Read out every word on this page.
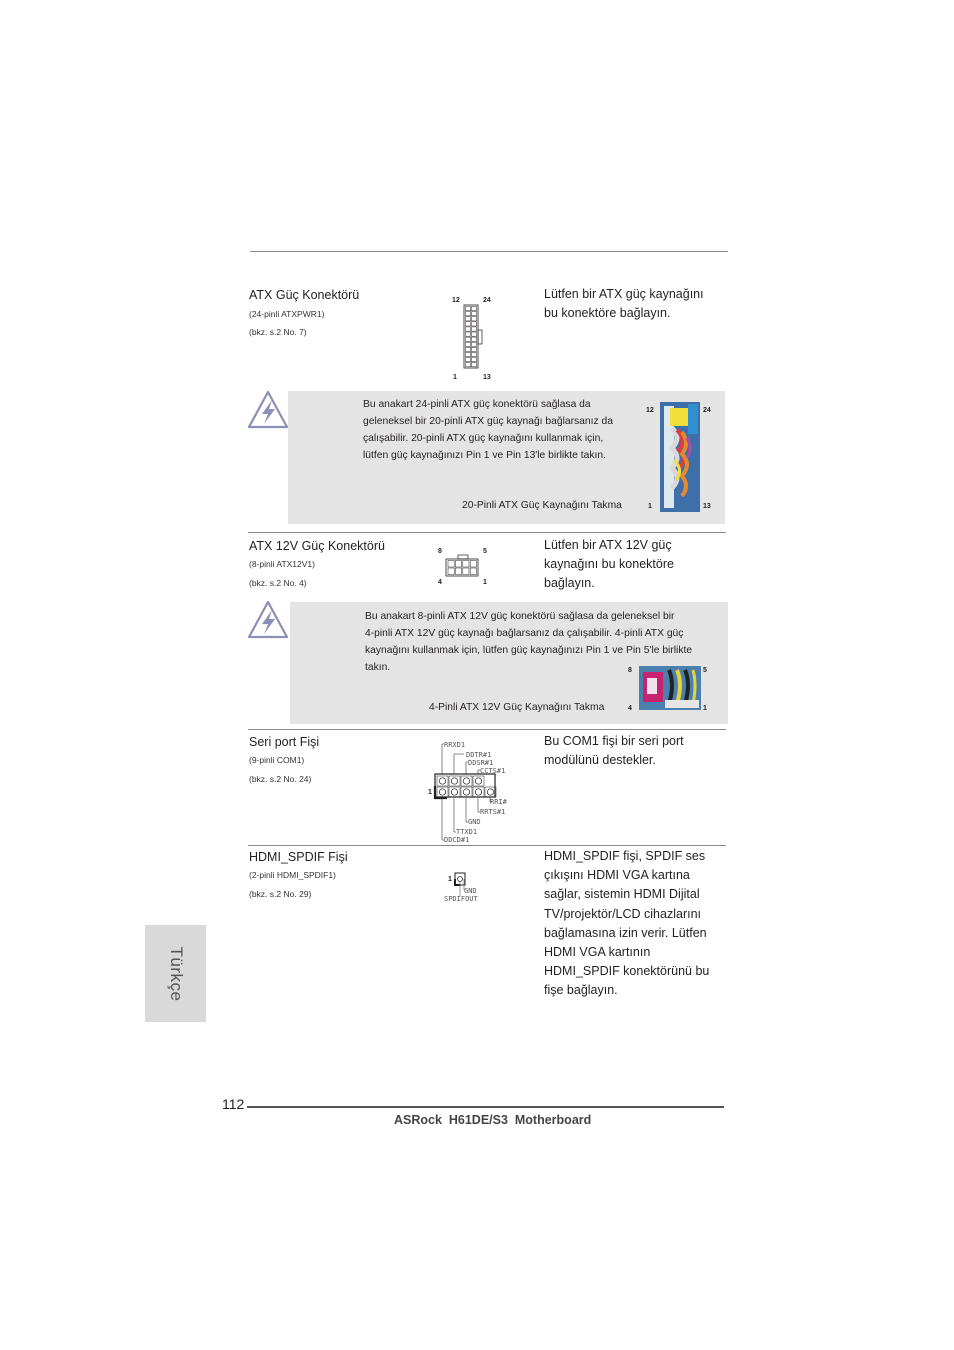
ATX Güç Konektörü
(24-pinli ATXPWR1)
(bkz. s.2 No. 7)
12	24
1	13
Lütfen bir ATX güç kaynağını
bu konektöre bağlayın.
Bu anakart 24-pinli ATX güç konektörü sağlasa da
geleneksel bir 20-pinli ATX güç kaynağı bağlarsanız da
çalışabilir. 20-pinli ATX güç kaynağını kullanmak için,
lütfen güç kaynağınızı Pin 1 ve Pin 13'le birlikte takın.
20-Pinli ATX Güç Kaynağını Takma
12	24
1	13
ATX 12V Güç Konektörü
(8-pinli ATX12V1)
(bkz. s.2 No. 4)
8	5
4	1
Lütfen bir ATX 12V güç
kaynağını bu konektöre
bağlayın.
Bu anakart 8-pinli ATX 12V güç konektörü sağlasa da geleneksel bir
4-pinli ATX 12V güç kaynağı bağlarsanız da çalışabilir. 4-pinli ATX güç
kaynağını kullanmak için, lütfen güç kaynağınızı Pin 1 ve Pin 5'le birlikte
takın.
4-Pinli ATX 12V Güç Kaynağını Takma
8	5
4	1
Seri port Fişi
(9-pinli COM1)
(bkz. s.2 No. 24)
RRXD1
DDTR#1
DDSR#1
CCTS#1
1
RRI#
RRTS#1
GND
TTXD1
DDCD#1
Bu COM1 fişi bir seri port
modülünü destekler.
HDMI_SPDIF Fişi
(2-pinli HDMI_SPDIF1)
(bkz. s.2 No. 29)
1
GND
SPDIFOUT
HDMI_SPDIF fişi, SPDIF ses
çıkışını HDMI VGA kartına
sağlar, sistemin HDMI Dijital
TV/projektör/LCD cihazlarını
bağlamasına izin verir. Lütfen
HDMI VGA kartının
HDMI_SPDIF konektörünü bu
fişe bağlayın.
Türkçe
112
ASRock  H61DE/S3  Motherboard
